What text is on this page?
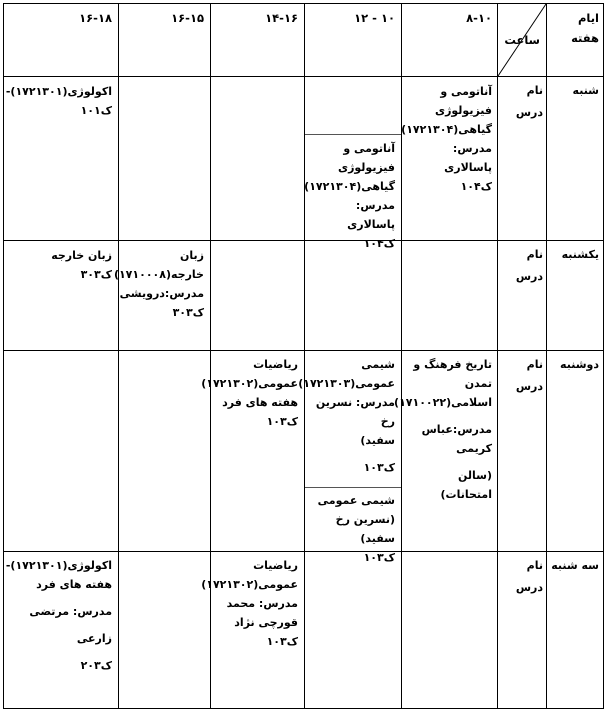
ایام هفته
ساعت
۸-۱۰
۱۰ - ۱۲
۱۴-۱۶
۱۶-۱۵
۱۶-۱۸
شنبه
نام درس
آناتومی و
فیزیولوژی
گیاهی(۱۷۲۱۳۰۴)
مدرس: پاسالاری
ک۱۰۴
آناتومی و
فیزیولوژی
گیاهی(۱۷۲۱۳۰۴)
مدرس: پاسالاری
ک۱۰۴
اکولوژی(۱۷۲۱۳۰۱)-
ک۱۰۱
یکشنبه
نام درس
زبان
خارجه(۱۷۱۰۰۰۸)
مدرس:درویشی
ک۳۰۳
زبان خارجه
ک۳۰۳
دوشنبه
نام درس
تاریخ فرهنگ و
تمدن
اسلامی(۱۷۱۰۰۲۲)
مدرس:عباس
کریمی
(سالن امتحانات)
شیمی
عمومی(۱۷۲۱۳۰۳)
مدرس: نسرین رخ
سفید)
ک۱۰۳
شیمی عمومی
(نسرین رخ سفید)
ک۱۰۳
ریاضیات
عمومی(۱۷۲۱۳۰۲)
هفته های فرد
ک۱۰۳
سه شنبه
نام درس
ریاضیات
عمومی(۱۷۲۱۳۰۲)
مدرس: محمد
قورچی نژاد
ک۱۰۳
اکولوژی(۱۷۲۱۳۰۱)-
هفته های فرد
مدرس: مرتضی
زارعی
ک۲۰۳
